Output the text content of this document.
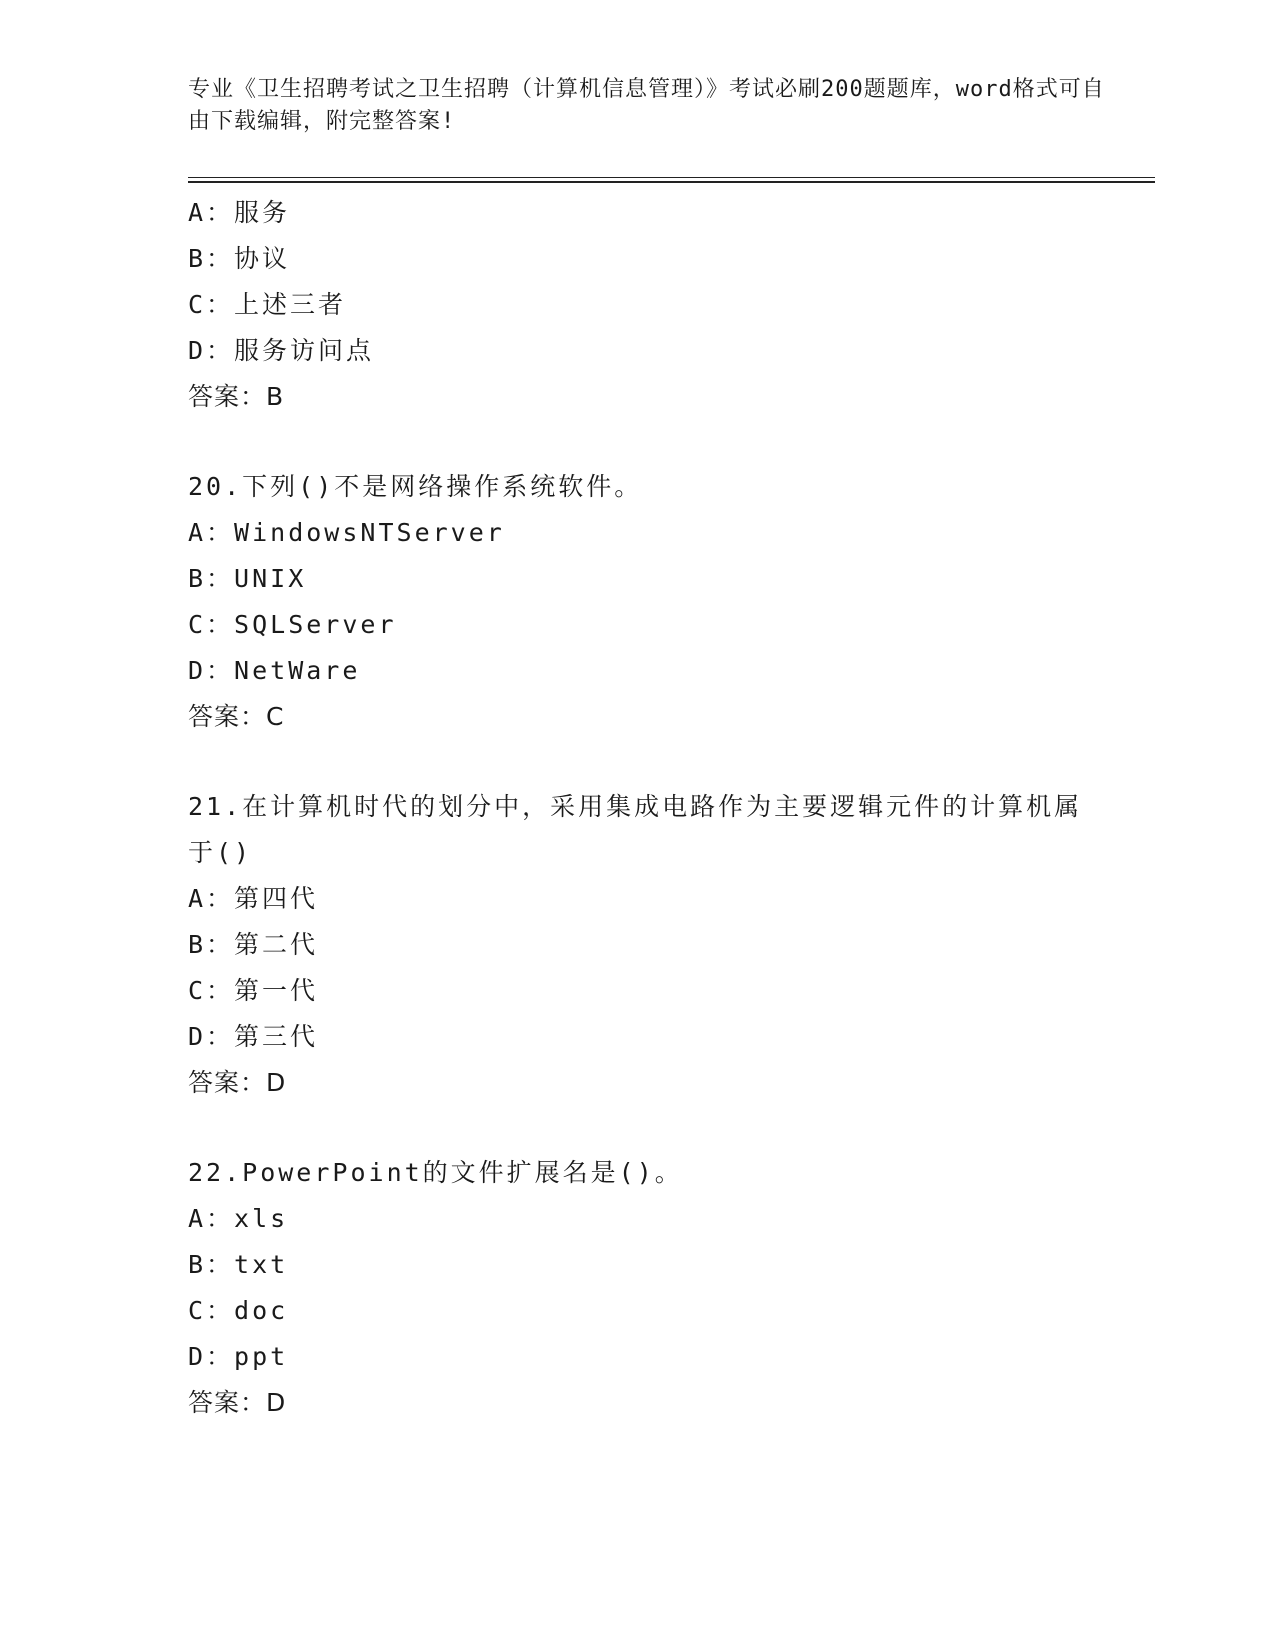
专业《卫生招聘考试之卫生招聘（计算机信息管理）》考试必刷200题题库，word格式可自由下载编辑，附完整答案!
A：服务
B：协议
C：上述三者
D：服务访问点
答案：B
20.下列()不是网络操作系统软件。
A：WindowsNTServer
B：UNIX
C：SQLServer
D：NetWare
答案：C
21.在计算机时代的划分中，采用集成电路作为主要逻辑元件的计算机属于()
A：第四代
B：第二代
C：第一代
D：第三代
答案：D
22.PowerPoint的文件扩展名是()。
A：xls
B：txt
C：doc
D：ppt
答案：D
